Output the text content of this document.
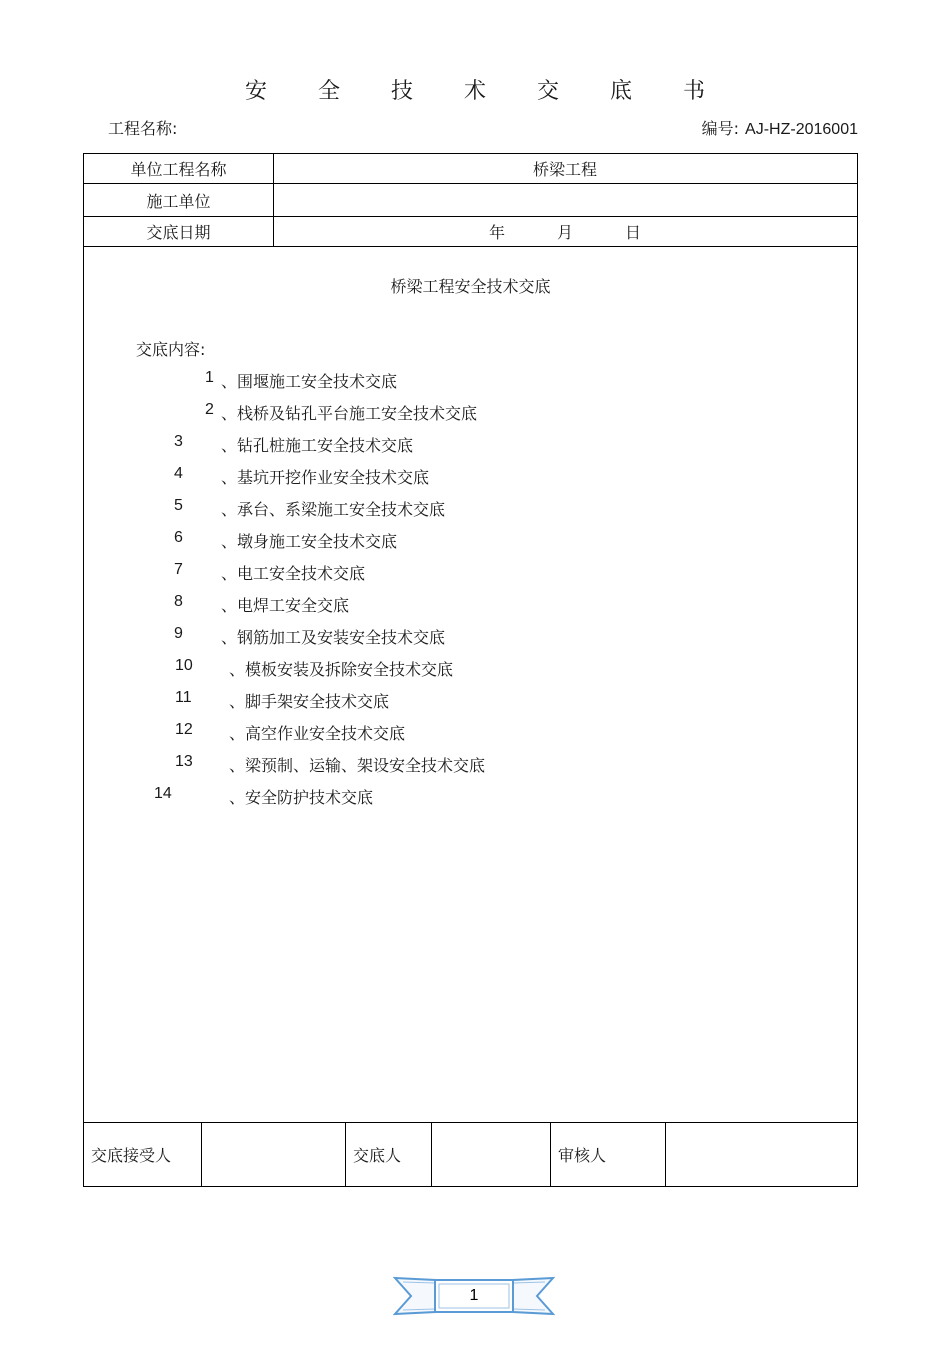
安 全 技 术 交 底 书
工程名称:	编号: AJ-HZ-2016001
单位工程名称	桥梁工程
施工单位
交底日期	年	月	日
桥梁工程安全技术交底
交底内容:
1 、围堰施工安全技术交底
2 、栈桥及钻孔平台施工安全技术交底
3 、钻孔桩施工安全技术交底
4 、基坑开挖作业安全技术交底
5 、承台、系梁施工安全技术交底
6 、墩身施工安全技术交底
7 、电工安全技术交底
8 、电焊工安全交底
9 、钢筋加工及安装安全技术交底
10 、模板安装及拆除安全技术交底
11 、脚手架安全技术交底
12 、高空作业安全技术交底
13 、梁预制、运输、架设安全技术交底
14	、安全防护技术交底
交底接受人	交底人	审核人
1
